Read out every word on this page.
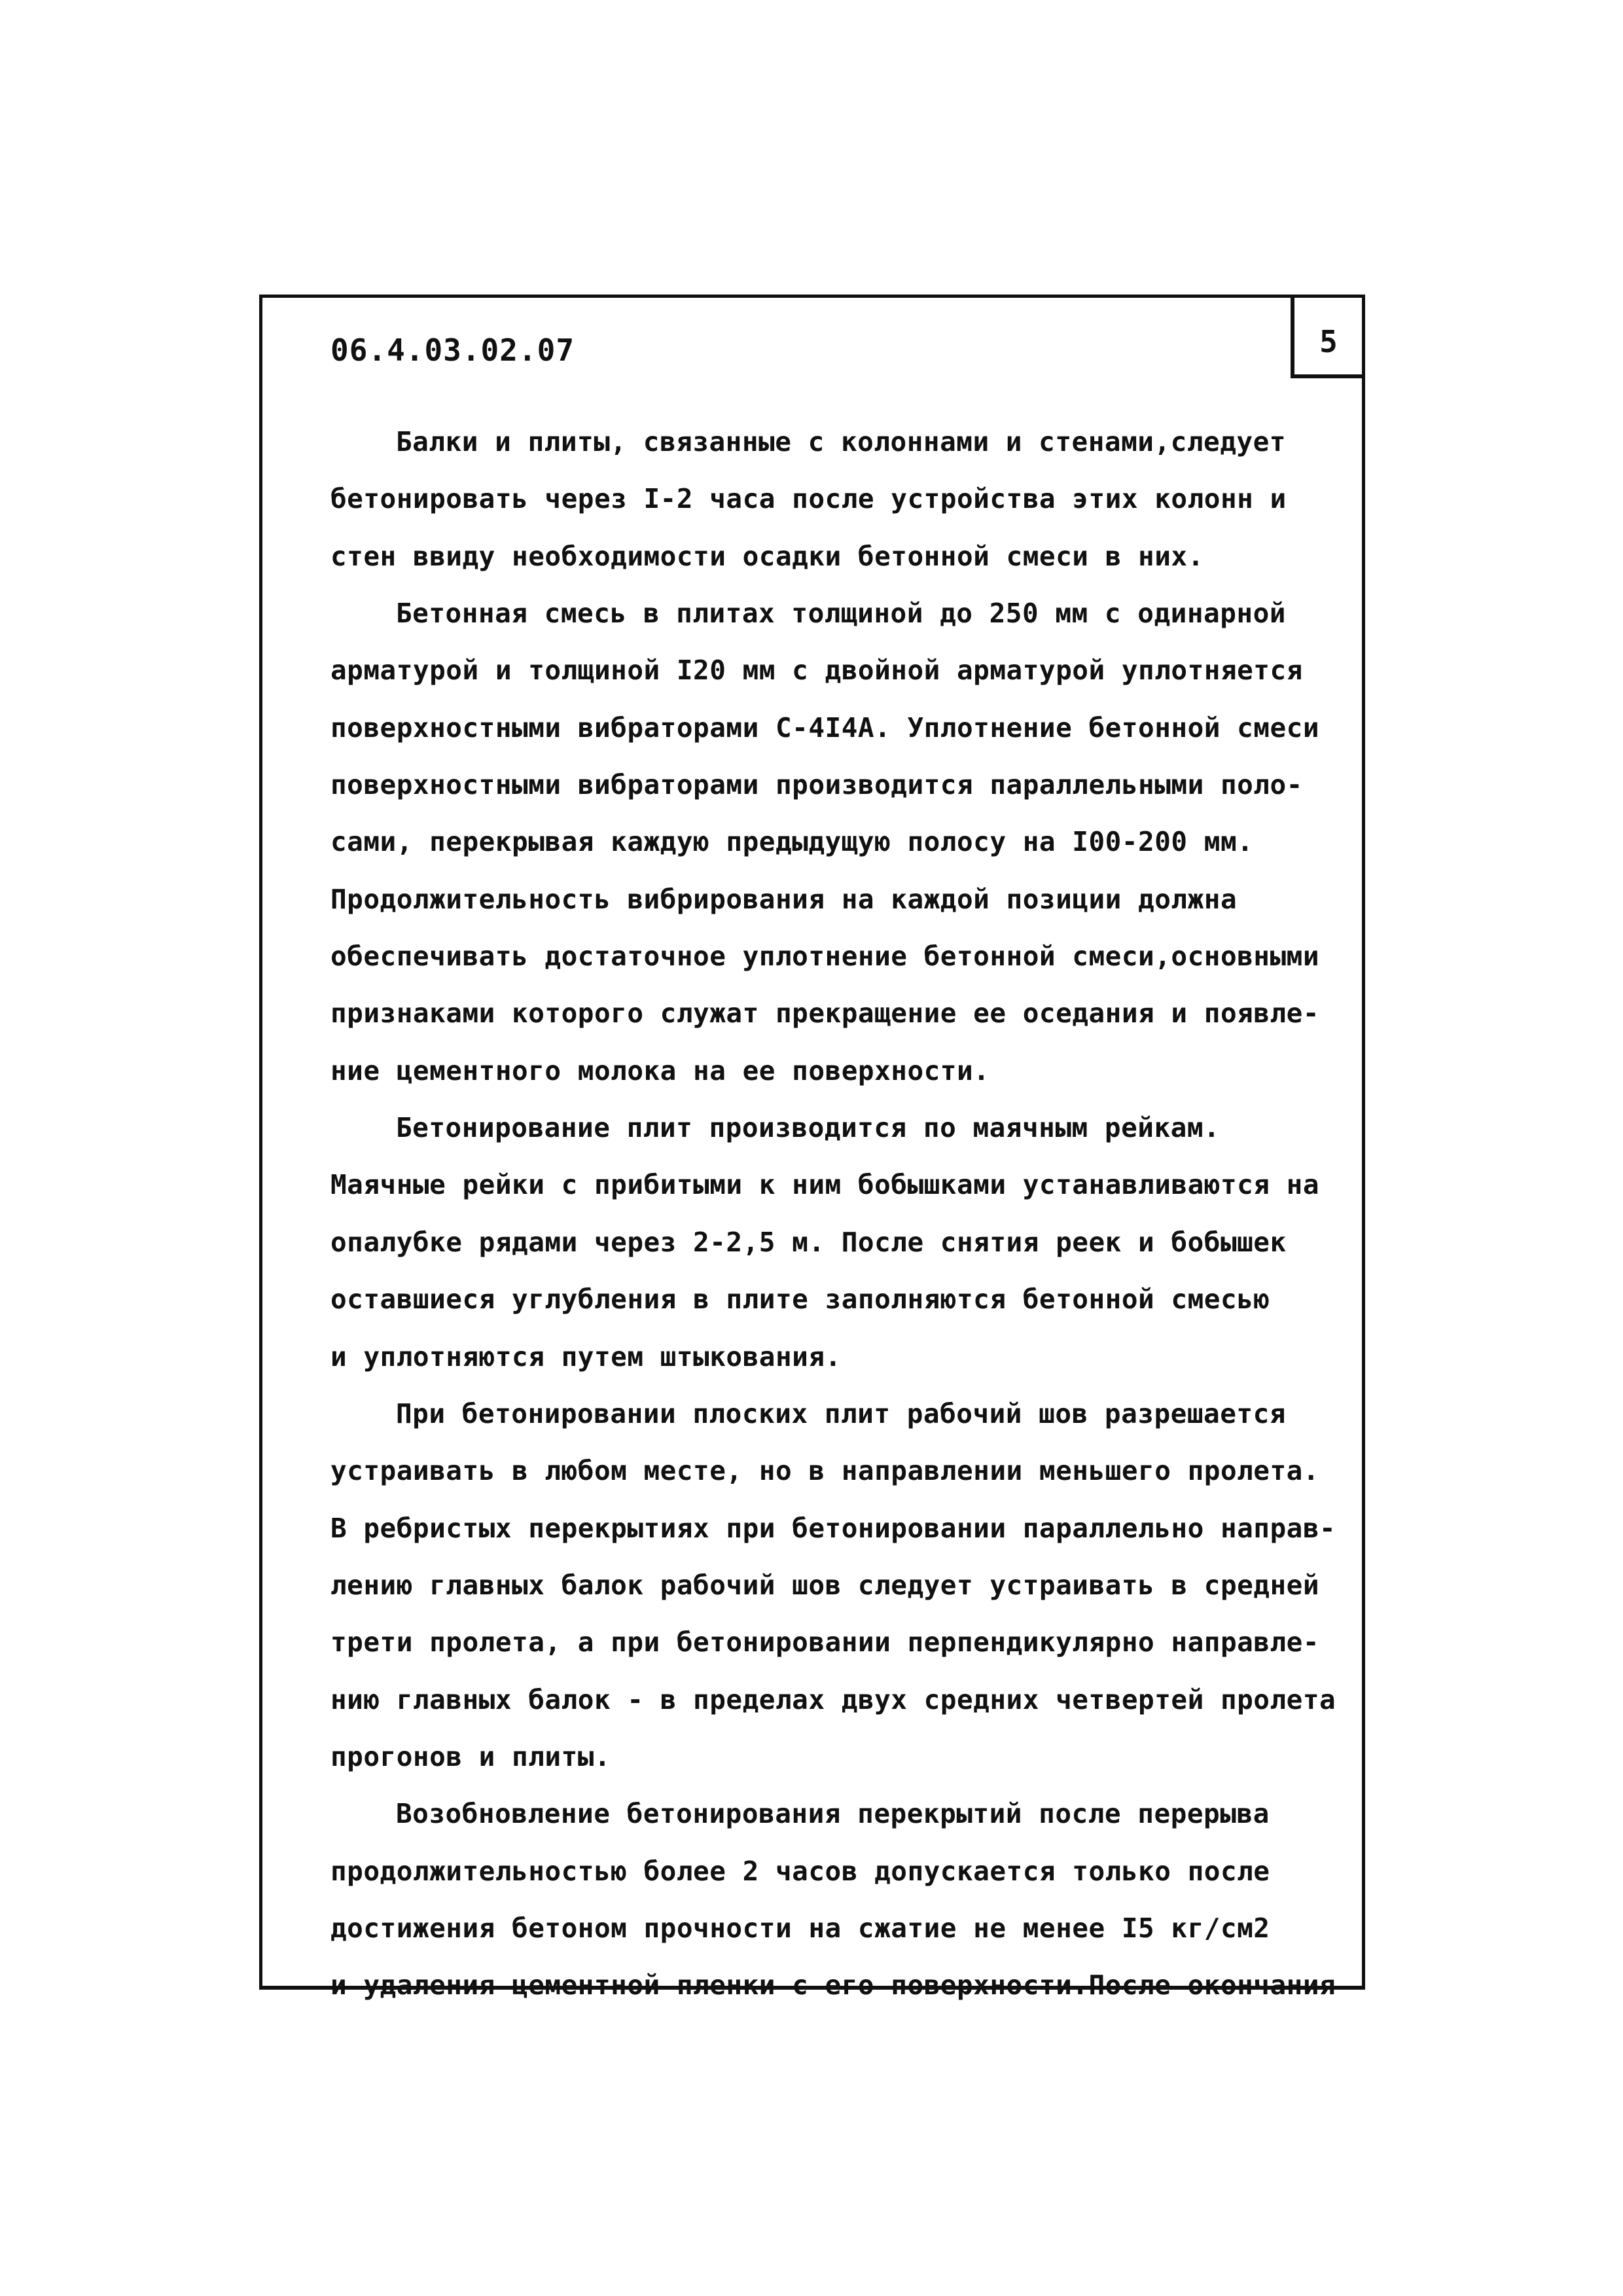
06.4.03.02.07	5
Балки и плиты, связанные с колоннами и стенами,следует
бетонировать через I-2 часа после устройства этих колонн и
стен ввиду необходимости осадки бетонной смеси в них.
Бетонная смесь в плитах толщиной до 250 мм с одинарной
арматурой и толщиной I20 мм с двойной арматурой уплотняется
поверхностными вибраторами С-4I4А. Уплотнение бетонной смеси
поверхностными вибраторами производится параллельными поло-
сами, перекрывая каждую предыдущую полосу на I00-200 мм.
Продолжительность вибрирования на каждой позиции должна
обеспечивать достаточное уплотнение бетонной смеси,основными
признаками которого служат прекращение ее оседания и появле-
ние цементного молока на ее поверхности.
Бетонирование плит производится по маячным рейкам.
Маячные рейки с прибитыми к ним бобышками устанавливаются на
опалубке рядами через 2-2,5 м. После снятия реек и бобышек
оставшиеся углубления в плите заполняются бетонной смесью
и уплотняются путем штыкования.
При бетонировании плоских плит рабочий шов разрешается
устраивать в любом месте, но в направлении меньшего пролета.
В ребристых перекрытиях при бетонировании параллельно направ-
лению главных балок рабочий шов следует устраивать в средней
трети пролета, а при бетонировании перпендикулярно направле-
нию главных балок - в пределах двух средних четвертей пролета
прогонов и плиты.
Возобновление бетонирования перекрытий после перерыва
продолжительностью более 2 часов допускается только после
достижения бетоном прочности на сжатие не менее I5 кг/см2
и удаления цементной пленки с его поверхности.После окончания
